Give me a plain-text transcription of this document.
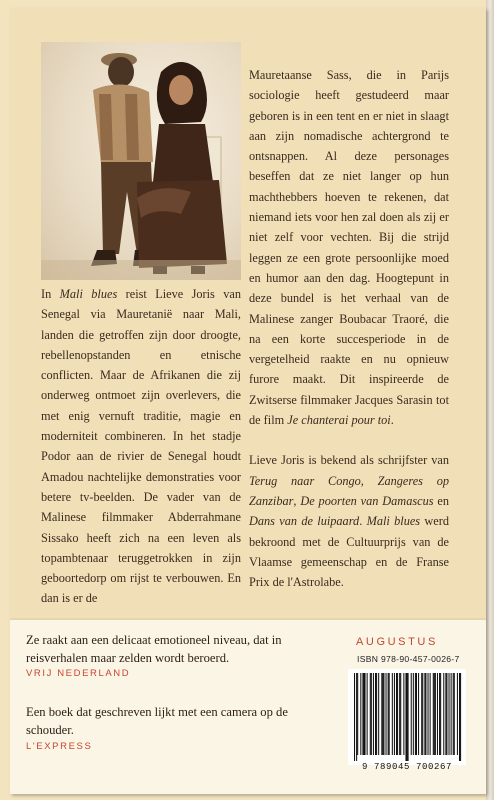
In Mali blues reist Lieve Joris van Senegal via Mauretanië naar Mali, landen die getroffen zijn door droogte, rebellenopstanden en etnische conflicten. Maar de Afrikanen die zij onderweg ontmoet zijn overlevers, die met enig vernuft traditie, magie en moderniteit combineren. In het stadje Podor aan de rivier de Senegal houdt Amadou nachtelijke demonstraties voor betere tv-beelden. De vader van de Malinese filmmaker Abderrahmane Sissako heeft zich na een leven als topambtenaar teruggetrokken in zijn geboortedorp om rijst te verbouwen. En dan is er de

Mauretaanse Sass, die in Parijs sociologie heeft gestudeerd maar geboren is in een tent en er niet in slaagt aan zijn nomadische achtergrond te ontsnappen. Al deze personages beseffen dat ze niet langer op hun machthebbers hoeven te rekenen, dat niemand iets voor hen zal doen als zij er niet zelf voor vechten. Bij die strijd leggen ze een grote persoonlijke moed en humor aan den dag. Hoogtepunt in deze bundel is het verhaal van de Malinese zanger Boubacar Traoré, die na een korte succesperiode in de vergetelheid raakte en nu opnieuw furore maakt. Dit inspireerde de Zwitserse filmmaker Jacques Sarasin tot de film Je chanterai pour toi.

Lieve Joris is bekend als schrijfster van Terug naar Congo, Zangeres op Zanzibar, De poorten van Damascus en Dans van de luipaard. Mali blues werd bekroond met de Cultuurprijs van de Vlaamse gemeenschap en de Franse Prix de l'Astrolabe.

Ze raakt aan een delicaat emotioneel niveau, dat in reisverhalen maar zelden wordt beroerd.
VRIJ NEDERLAND
Een boek dat geschreven lijkt met een camera op de schouder.
L'EXPRESS
AUGUSTUS
ISBN 978-90-457-0026-7
9 789045 700267
